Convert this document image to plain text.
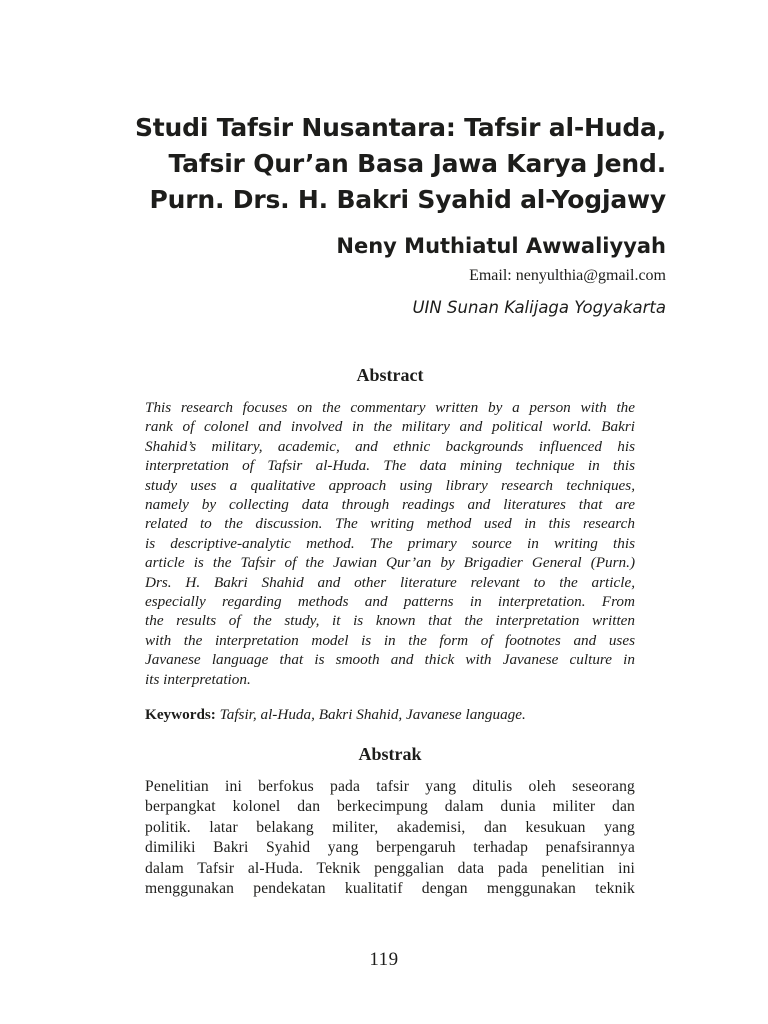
Studi Tafsir Nusantara: Tafsir al-Huda,
Tafsir Qur’an Basa Jawa Karya Jend.
Purn. Drs. H. Bakri Syahid al-Yogjawy
Neny Muthiatul Awwaliyyah
Email: nenyulthia@gmail.com
UIN Sunan Kalijaga Yogyakarta
Abstract
This research focuses on the commentary written by a person with the
rank of colonel and involved in the military and political world. Bakri
Shahid’s military, academic, and ethnic backgrounds influenced his
interpretation of Tafsir al-Huda. The data mining technique in this
study uses a qualitative approach using library research techniques,
namely by collecting data through readings and literatures that are
related to the discussion. The writing method used in this research
is descriptive-analytic method. The primary source in writing this
article is the Tafsir of the Jawian Qur’an by Brigadier General (Purn.)
Drs. H. Bakri Shahid and other literature relevant to the article,
especially regarding methods and patterns in interpretation. From
the results of the study, it is known that the interpretation written
with the interpretation model is in the form of footnotes and uses
Javanese language that is smooth and thick with Javanese culture in
its interpretation.
Keywords: Tafsir, al-Huda, Bakri Shahid, Javanese language.
Abstrak
Penelitian ini berfokus pada tafsir yang ditulis oleh seseorang
berpangkat kolonel dan berkecimpung dalam dunia militer dan
politik. latar belakang militer, akademisi, dan kesukuan yang
dimiliki Bakri Syahid yang berpengaruh terhadap penafsirannya
dalam Tafsir al-Huda. Teknik penggalian data pada penelitian ini
menggunakan pendekatan kualitatif dengan menggunakan teknik
119
